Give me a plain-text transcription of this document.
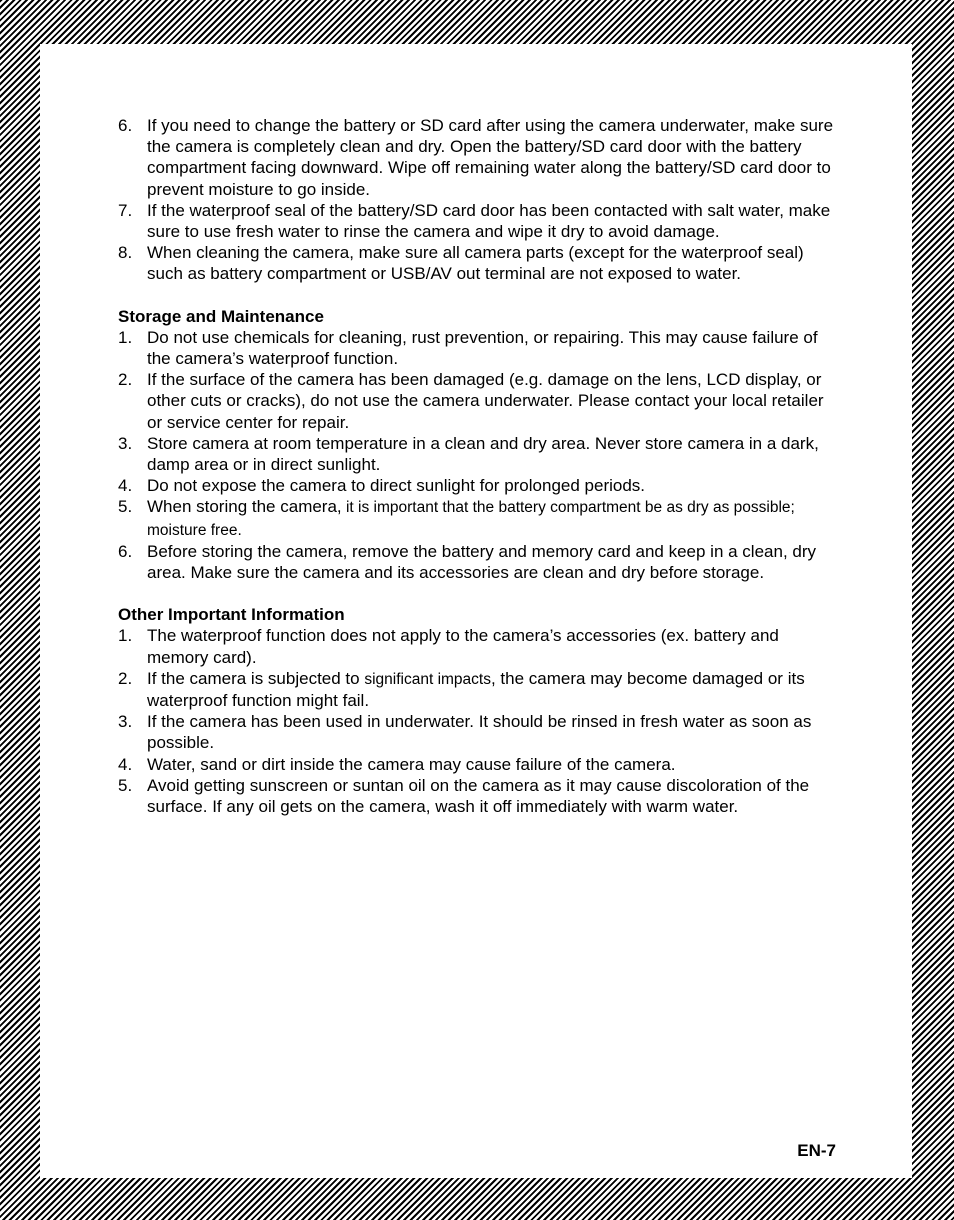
6. If you need to change the battery or SD card after using the camera underwater, make sure the camera is completely clean and dry. Open the battery/SD card door with the battery compartment facing downward. Wipe off remaining water along the battery/SD card door to prevent moisture to go inside.
7. If the waterproof seal of the battery/SD card door has been contacted with salt water, make sure to use fresh water to rinse the camera and wipe it dry to avoid damage.
8. When cleaning the camera, make sure all camera parts (except for the waterproof seal) such as battery compartment or USB/AV out terminal are not exposed to water.
Storage and Maintenance
1. Do not use chemicals for cleaning, rust prevention, or repairing. This may cause failure of the camera’s waterproof function.
2. If the surface of the camera has been damaged (e.g. damage on the lens, LCD display, or other cuts or cracks), do not use the camera underwater. Please contact your local retailer or service center for repair.
3. Store camera at room temperature in a clean and dry area. Never store camera in a dark, damp area or in direct sunlight.
4. Do not expose the camera to direct sunlight for prolonged periods.
5. When storing the camera, it is important that the battery compartment be as dry as possible; moisture free.
6. Before storing the camera, remove the battery and memory card and keep in a clean, dry area. Make sure the camera and its accessories are clean and dry before storage.
Other Important Information
1. The waterproof function does not apply to the camera’s accessories (ex. battery and memory card).
2. If the camera is subjected to significant impacts, the camera may become damaged or its waterproof function might fail.
3. If the camera has been used in underwater. It should be rinsed in fresh water as soon as possible.
4. Water, sand or dirt inside the camera may cause failure of the camera.
5. Avoid getting sunscreen or suntan oil on the camera as it may cause discoloration of the surface. If any oil gets on the camera, wash it off immediately with warm water.
EN-7
